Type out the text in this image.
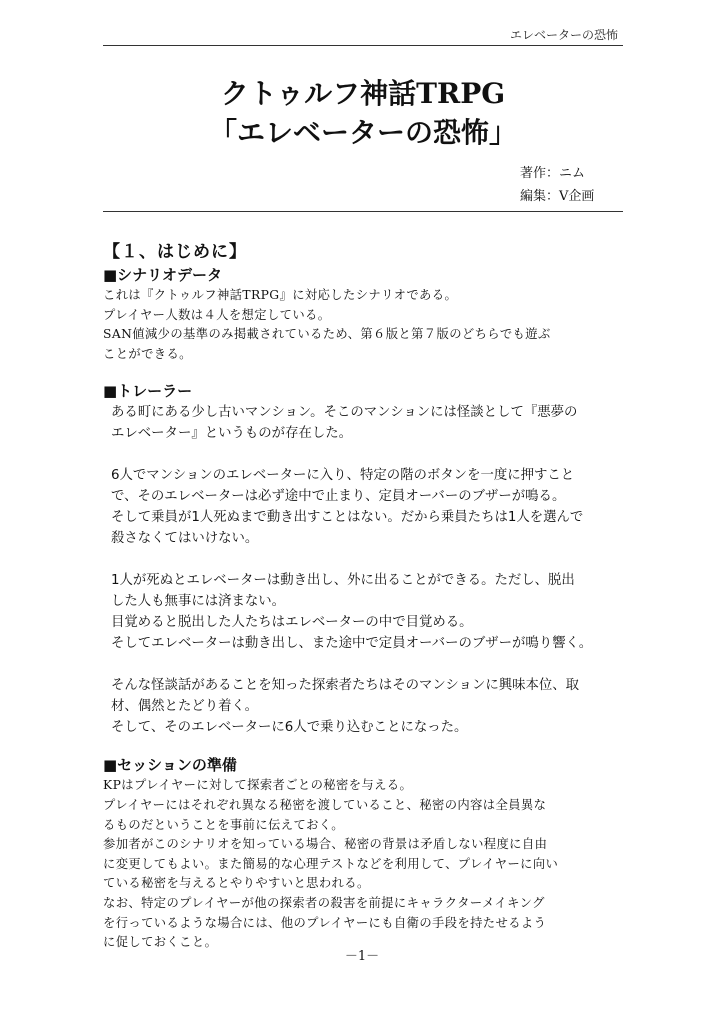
エレベーターの恐怖
クトゥルフ神話TRPG
「エレベーターの恐怖」
著作：ニム
編集：V企画
【１、はじめに】
■シナリオデータ

これは『クトゥルフ神話TRPG』に対応したシナリオである。
プレイヤー人数は４人を想定している。
SAN値減少の基準のみ掲載されているため、第６版と第７版のどちらでも遊ぶ
ことができる。

■トレーラー

ある町にある少し古いマンション。そこのマンションには怪談として『悪夢の
エレベーター』というものが存在した。

6人でマンションのエレベーターに入り、特定の階のボタンを一度に押すこと
で、そのエレベーターは必ず途中で止まり、定員オーバーのブザーが鳴る。
そして乗員が1人死ぬまで動き出すことはない。だから乗員たちは1人を選んで
殺さなくてはいけない。

1人が死ぬとエレベーターは動き出し、外に出ることができる。ただし、脱出
した人も無事には済まない。
目覚めると脱出した人たちはエレベーターの中で目覚める。
そしてエレベーターは動き出し、また途中で定員オーバーのブザーが鳴り響く。

そんな怪談話があることを知った探索者たちはそのマンションに興味本位、取
材、偶然とたどり着く。
そして、そのエレベーターに6人で乗り込むことになった。

■セッションの準備

KPはプレイヤーに対して探索者ごとの秘密を与える。
プレイヤーにはそれぞれ異なる秘密を渡していること、秘密の内容は全員異な
るものだということを事前に伝えておく。
参加者がこのシナリオを知っている場合、秘密の背景は矛盾しない程度に自由
に変更してもよい。また簡易的な心理テストなどを利用して、プレイヤーに向い
ている秘密を与えるとやりやすいと思われる。
なお、特定のプレイヤーが他の探索者の殺害を前提にキャラクターメイキング
を行っているような場合には、他のプレイヤーにも自衛の手段を持たせるよう
に促しておくこと。

－1－
